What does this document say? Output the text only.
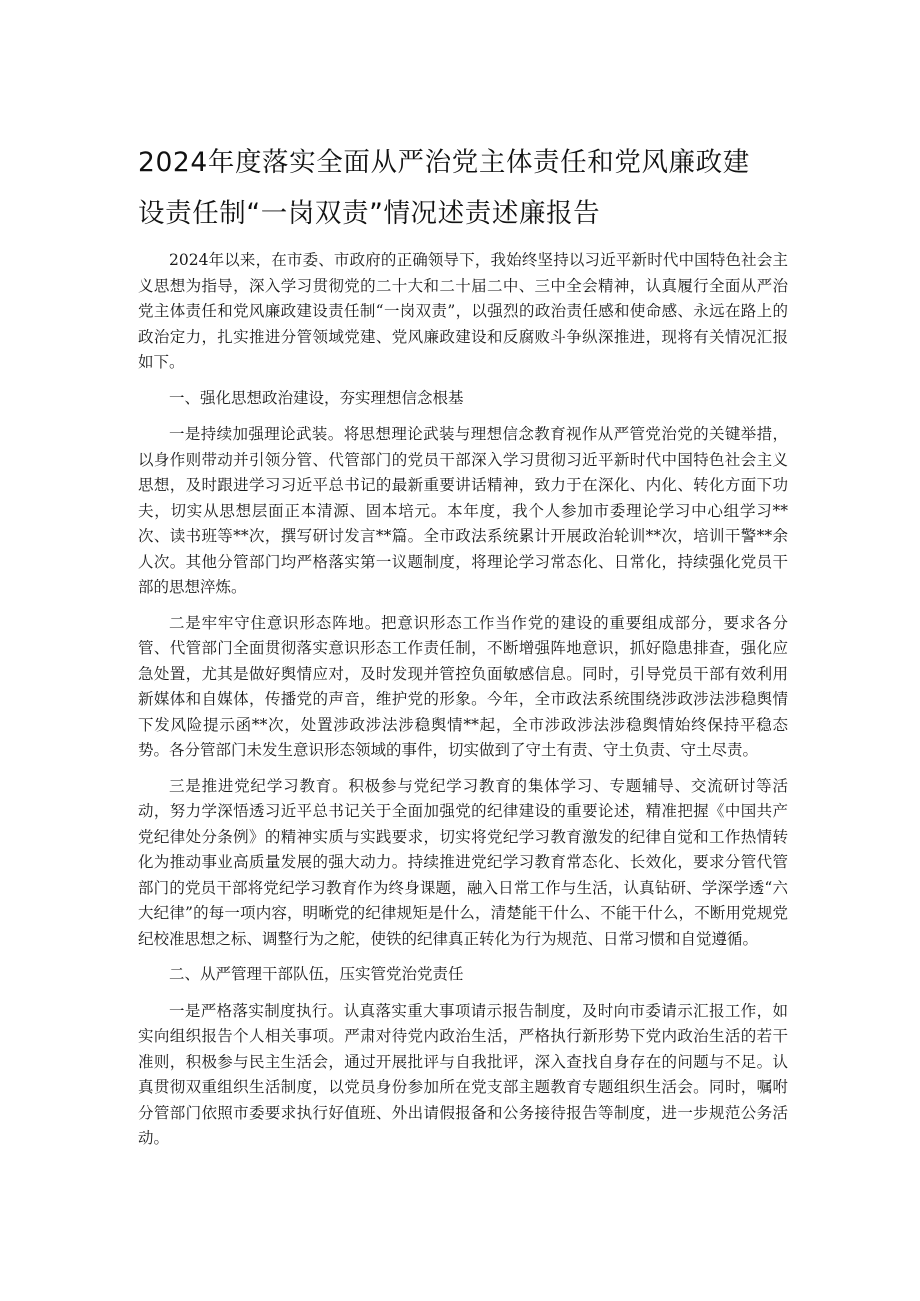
2024年度落实全面从严治党主体责任和党风廉政建
设责任制“一岗双责”情况述责述廉报告

2024年以来，在市委、市政府的正确领导下，我始终坚持以习近平新时代中国特色社会主义思想为指导，深入学习贯彻党的二十大和二十届二中、三中全会精神，认真履行全面从严治党主体责任和党风廉政建设责任制“一岗双责”，以强烈的政治责任感和使命感、永远在路上的政治定力，扎实推进分管领域党建、党风廉政建设和反腐败斗争纵深推进，现将有关情况汇报如下。

一、强化思想政治建设，夯实理想信念根基

一是持续加强理论武装。将思想理论武装与理想信念教育视作从严管党治党的关键举措，以身作则带动并引领分管、代管部门的党员干部深入学习贯彻习近平新时代中国特色社会主义思想，及时跟进学习习近平总书记的最新重要讲话精神，致力于在深化、内化、转化方面下功夫，切实从思想层面正本清源、固本培元。本年度，我个人参加市委理论学习中心组学习**次、读书班等**次，撰写研讨发言**篇。全市政法系统累计开展政治轮训**次，培训干警**余人次。其他分管部门均严格落实第一议题制度，将理论学习常态化、日常化，持续强化党员干部的思想淬炼。

二是牢牢守住意识形态阵地。把意识形态工作当作党的建设的重要组成部分，要求各分管、代管部门全面贯彻落实意识形态工作责任制，不断增强阵地意识，抓好隐患排查，强化应急处置，尤其是做好舆情应对，及时发现并管控负面敏感信息。同时，引导党员干部有效利用新媒体和自媒体，传播党的声音，维护党的形象。今年，全市政法系统围绕涉政涉法涉稳舆情下发风险提示函**次，处置涉政涉法涉稳舆情**起，全市涉政涉法涉稳舆情始终保持平稳态势。各分管部门未发生意识形态领域的事件，切实做到了守土有责、守土负责、守土尽责。

三是推进党纪学习教育。积极参与党纪学习教育的集体学习、专题辅导、交流研讨等活动，努力学深悟透习近平总书记关于全面加强党的纪律建设的重要论述，精准把握《中国共产党纪律处分条例》的精神实质与实践要求，切实将党纪学习教育激发的纪律自觉和工作热情转化为推动事业高质量发展的强大动力。持续推进党纪学习教育常态化、长效化，要求分管代管部门的党员干部将党纪学习教育作为终身课题，融入日常工作与生活，认真钻研、学深学透“六大纪律”的每一项内容，明晰党的纪律规矩是什么，清楚能干什么、不能干什么，不断用党规党纪校准思想之标、调整行为之舵，使铁的纪律真正转化为行为规范、日常习惯和自觉遵循。

二、从严管理干部队伍，压实管党治党责任

一是严格落实制度执行。认真落实重大事项请示报告制度，及时向市委请示汇报工作，如实向组织报告个人相关事项。严肃对待党内政治生活，严格执行新形势下党内政治生活的若干准则，积极参与民主生活会，通过开展批评与自我批评，深入查找自身存在的问题与不足。认真贯彻双重组织生活制度，以党员身份参加所在党支部主题教育专题组织生活会。同时，嘱咐分管部门依照市委要求执行好值班、外出请假报备和公务接待报告等制度，进一步规范公务活动。
